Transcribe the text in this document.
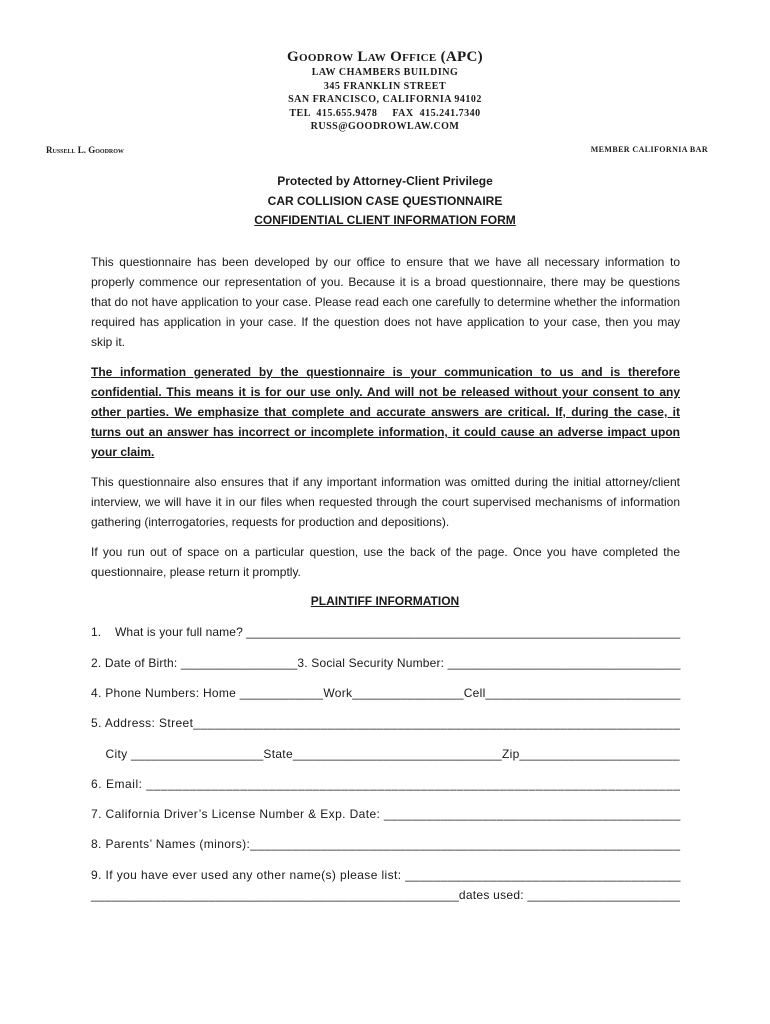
Goodrow Law Office (APC)
LAW CHAMBERS BUILDING
345 FRANKLIN STREET
SAN FRANCISCO, CALIFORNIA 94102
TEL  415.655.9478     FAX  415.241.7340
RUSS@GOODROWLAW.COM
Russell L. Goodrow	MEMBER CALIFORNIA BAR
Protected by Attorney-Client Privilege
CAR COLLISION CASE QUESTIONNAIRE
CONFIDENTIAL CLIENT INFORMATION FORM
This questionnaire has been developed by our office to ensure that we have all necessary information to properly commence our representation of you. Because it is a broad questionnaire, there may be questions that do not have application to your case. Please read each one carefully to determine whether the information required has application in your case. If the question does not have application to your case, then you may skip it.
The information generated by the questionnaire is your communication to us and is therefore confidential. This means it is for our use only. And will not be released without your consent to any other parties. We emphasize that complete and accurate answers are critical. If, during the case, it turns out an answer has incorrect or incomplete information, it could cause an adverse impact upon your claim.
This questionnaire also ensures that if any important information was omitted during the initial attorney/client interview, we will have it in our files when requested through the court supervised mechanisms of information gathering (interrogatories, requests for production and depositions).
If you run out of space on a particular question, use the back of the page. Once you have completed the questionnaire, please return it promptly.
PLAINTIFF INFORMATION
1.    What is your full name? ________________________________________________________________
2. Date of Birth: _________________3. Social Security Number: __________________________________
4. Phone Numbers: Home ____________Work________________Cell____________________________
5. Address: Street_____________________________________________________________________
City ___________________State______________________________Zip_______________________
6. Email: __________________________________________________________________________
7. California Driver’s License Number & Exp. Date: __________________________________________
8. Parents’ Names (minors):_____________________________________________________________
9. If you have ever used any other name(s) please list: _______________________________________
_____________________________________________________dates used: ______________________
